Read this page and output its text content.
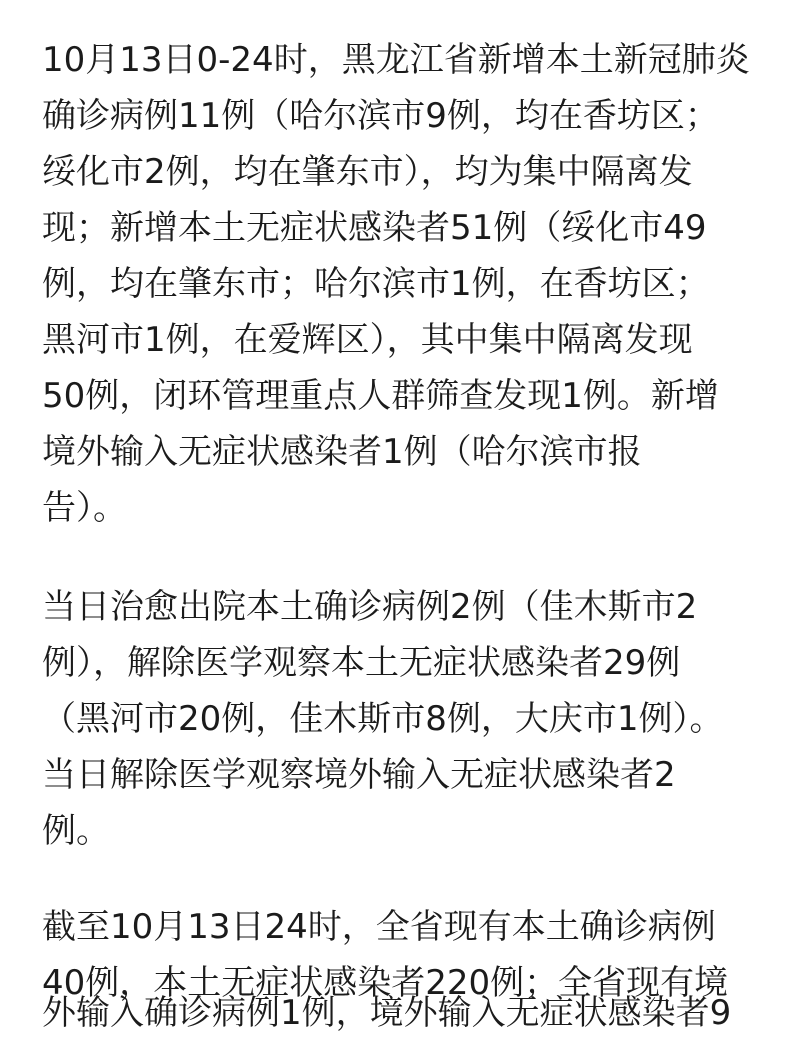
10月13日0-24时，黑龙江省新增本土新冠肺炎
确诊病例11例（哈尔滨市9例，均在香坊区；
绥化市2例，均在肇东市），均为集中隔离发
现；新增本土无症状感染者51例（绥化市49
例，均在肇东市；哈尔滨市1例，在香坊区；
黑河市1例，在爱辉区），其中集中隔离发现
50例，闭环管理重点人群筛查发现1例。新增
境外输入无症状感染者1例（哈尔滨市报
告）。
当日治愈出院本土确诊病例2例（佳木斯市2
例），解除医学观察本土无症状感染者29例
（黑河市20例，佳木斯市8例，大庆市1例）。
当日解除医学观察境外输入无症状感染者2
例。
截至10月13日24时，全省现有本土确诊病例
40例，本土无症状感染者220例；全省现有境
外输入确诊病例1例，境外输入无症状感染者9
